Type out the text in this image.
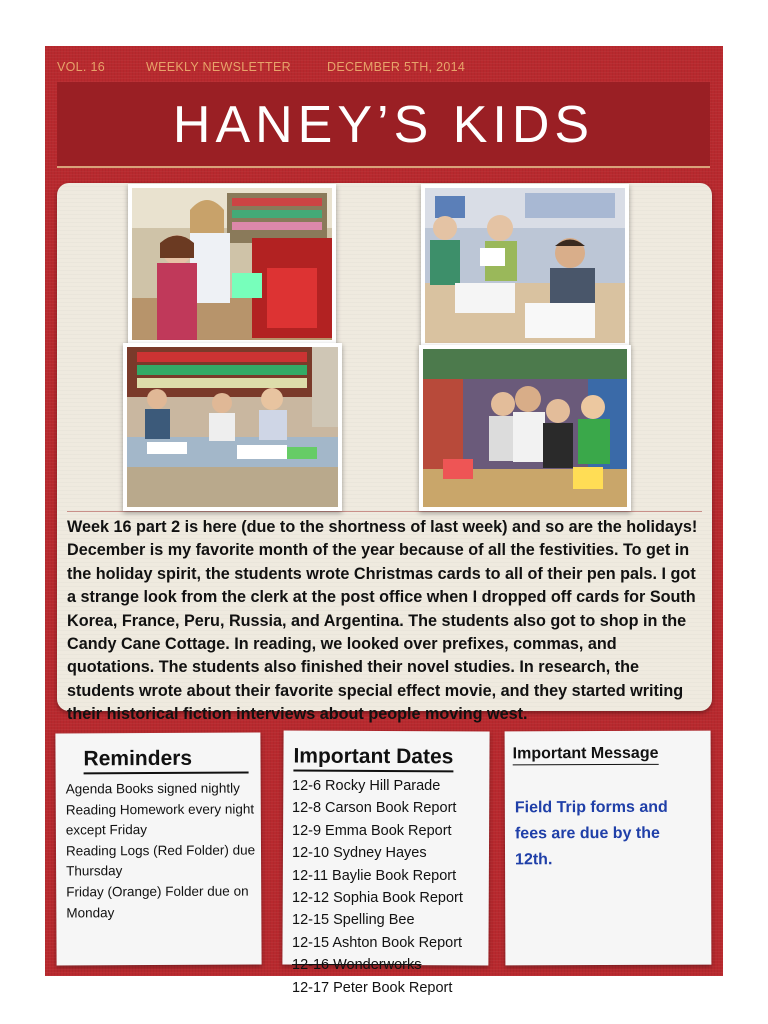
VOL. 16	WEEKLY NEWSLETTER	DECEMBER 5TH, 2014
HANEY’S KIDS
Week 16 part 2 is here (due to the shortness of last week) and so are the holidays! December is my favorite month of the year because of all the festivities. To get in the holiday spirit, the students wrote Christmas cards to all of their pen pals. I got a strange look from the clerk at the post office when I dropped off cards for South Korea, France, Peru, Russia, and Argentina. The students also got to shop in the Candy Cane Cottage. In reading, we looked over prefixes, commas, and quotations. The students also finished their novel studies. In research, the students wrote about their favorite special effect movie, and they started writing their historical fiction interviews about people moving west.
Reminders
Agenda Books signed nightly
Reading Homework every night except Friday
Reading Logs (Red Folder) due Thursday
Friday (Orange) Folder due on Monday
Important Dates
12-6 Rocky Hill Parade
12-8 Carson Book Report
12-9 Emma Book Report
12-10 Sydney Hayes
12-11 Baylie Book Report
12-12 Sophia Book Report
12-15 Spelling Bee
12-15 Ashton Book Report
12-16 Wonderworks
12-17 Peter Book Report
Important Message
Field Trip forms and fees are due by the 12th.
